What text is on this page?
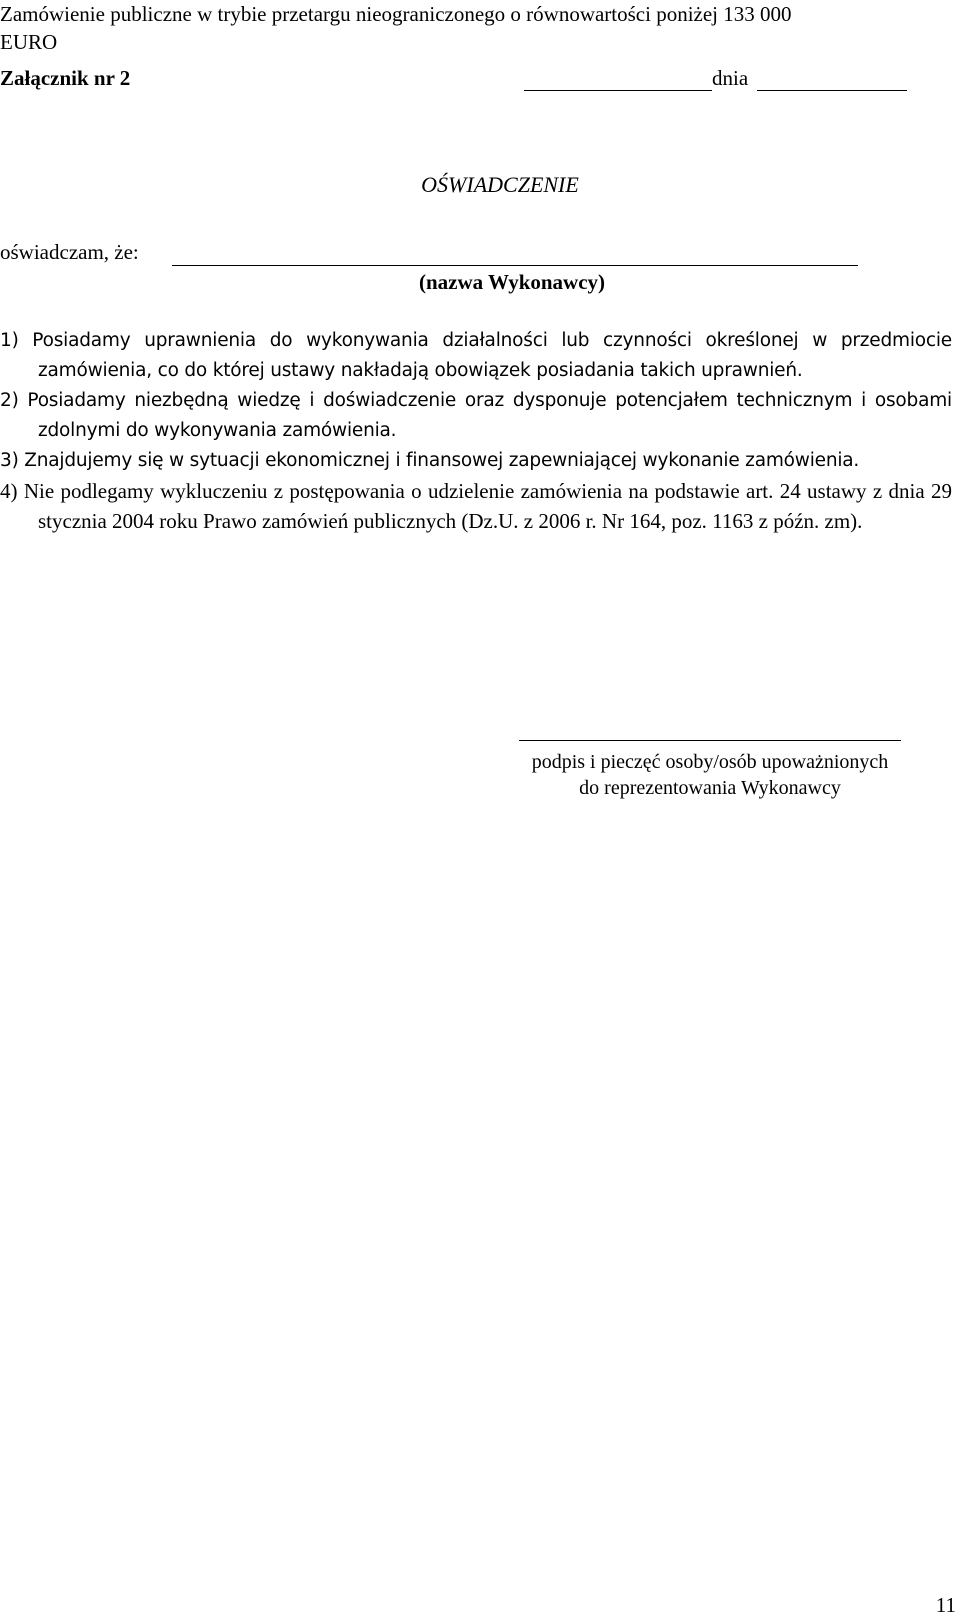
Zamówienie publiczne w trybie przetargu nieograniczonego o równowartości poniżej 133 000
EURO
Załącznik nr 2	dnia
OŚWIADCZENIE
oświadczam, że:
(nazwa Wykonawcy)
1) Posiadamy uprawnienia do wykonywania działalności lub czynności określonej w przedmiocie zamówienia, co do której ustawy nakładają obowiązek posiadania takich uprawnień.
2) Posiadamy niezbędną wiedzę i doświadczenie oraz dysponuje potencjałem technicznym i osobami zdolnymi do wykonywania zamówienia.
3) Znajdujemy się w sytuacji ekonomicznej i finansowej zapewniającej wykonanie zamówienia.
4) Nie podlegamy wykluczeniu z postępowania o udzielenie zamówienia na podstawie art. 24 ustawy z dnia 29 stycznia 2004 roku Prawo zamówień publicznych (Dz.U. z 2006 r. Nr 164, poz. 1163 z późn. zm).
podpis i pieczęć osoby/osób upoważnionych
do reprezentowania Wykonawcy
11
